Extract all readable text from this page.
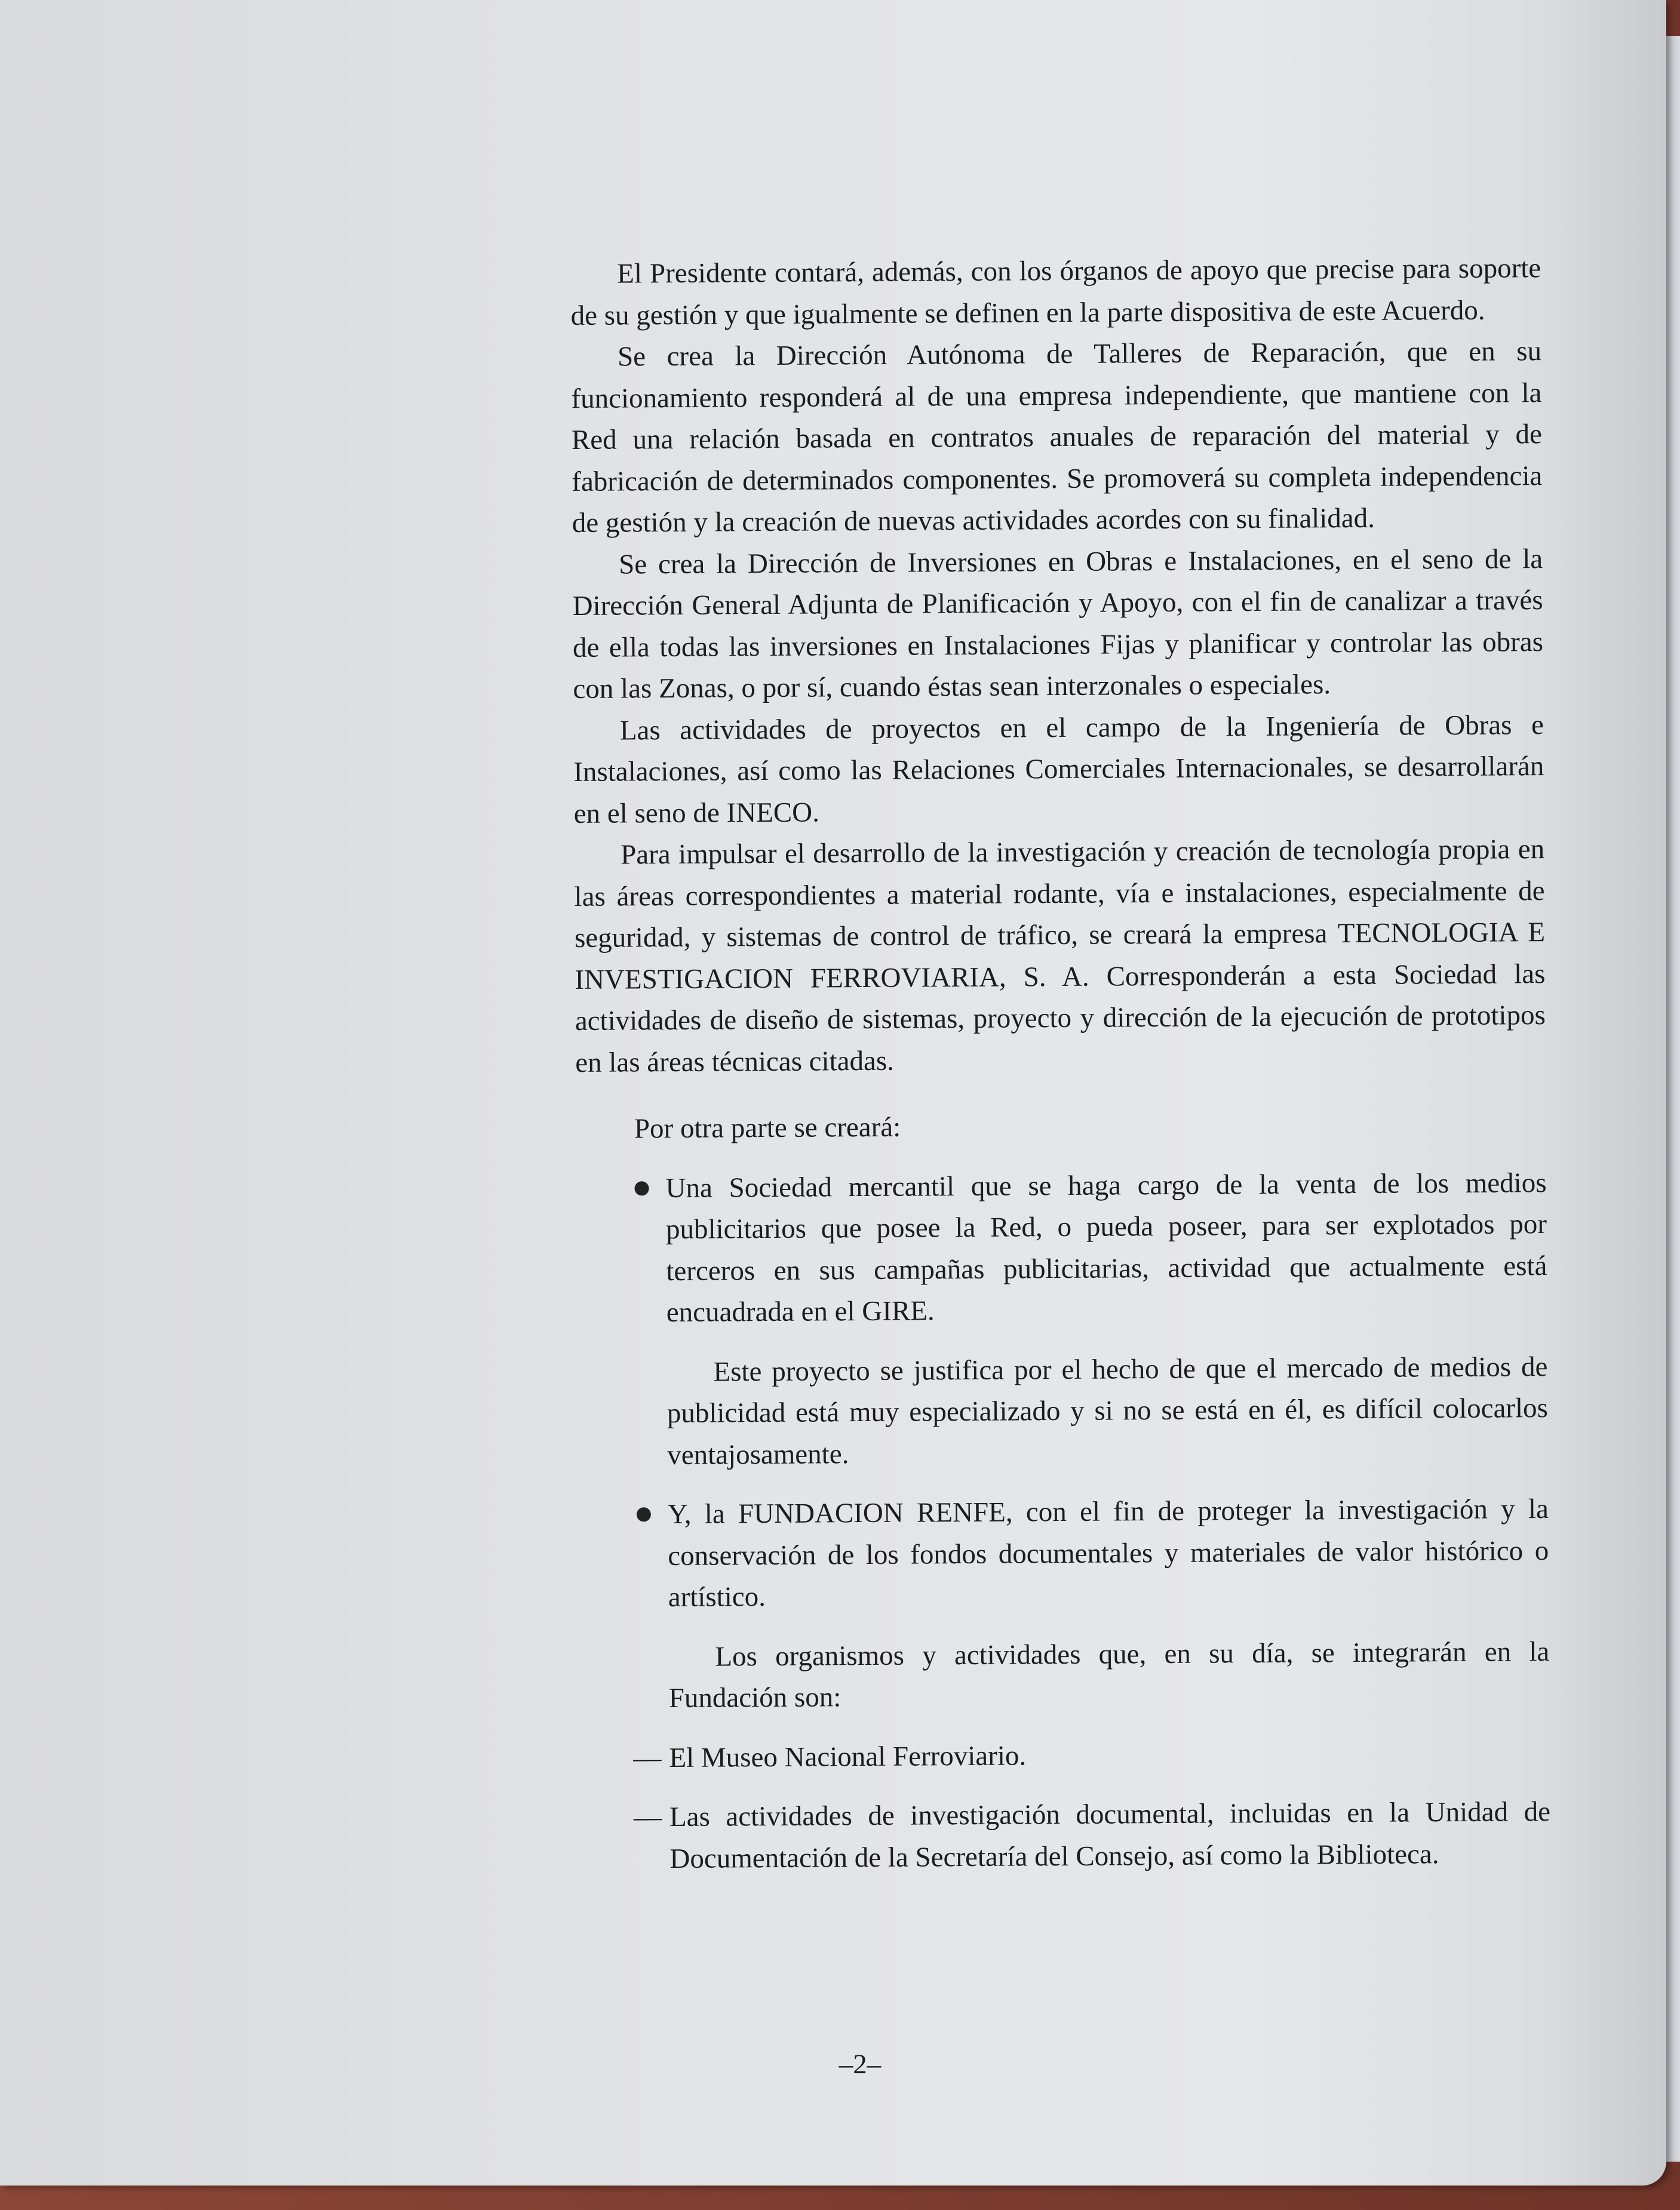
El Presidente contará, además, con los órganos de apoyo que precise para soporte de su gestión y que igualmente se definen en la parte dispositiva de este Acuerdo.

Se crea la Dirección Autónoma de Talleres de Reparación, que en su funcionamiento responderá al de una empresa independiente, que mantiene con la Red una relación basada en contratos anuales de reparación del material y de fabricación de determinados componentes. Se promoverá su completa independencia de gestión y la creación de nuevas actividades acordes con su finalidad.

Se crea la Dirección de Inversiones en Obras e Instalaciones, en el seno de la Dirección General Adjunta de Planificación y Apoyo, con el fin de canalizar a través de ella todas las inversiones en Instalaciones Fijas y planificar y controlar las obras con las Zonas, o por sí, cuando éstas sean interzonales o especiales.

Las actividades de proyectos en el campo de la Ingeniería de Obras e Instalaciones, así como las Relaciones Comerciales Internacionales, se desarrollarán en el seno de INECO.

Para impulsar el desarrollo de la investigación y creación de tecnología propia en las áreas correspondientes a material rodante, vía e instalaciones, especialmente de seguridad, y sistemas de control de tráfico, se creará la empresa TECNOLOGIA E INVESTIGACION FERROVIARIA, S. A. Corresponderán a esta Sociedad las actividades de diseño de sistemas, proyecto y dirección de la ejecución de prototipos en las áreas técnicas citadas.

Por otra parte se creará:

Una Sociedad mercantil que se haga cargo de la venta de los medios publicitarios que posee la Red, o pueda poseer, para ser explotados por terceros en sus campañas publicitarias, actividad que actualmente está encuadrada en el GIRE.

Este proyecto se justifica por el hecho de que el mercado de medios de publicidad está muy especializado y si no se está en él, es difícil colocarlos ventajosamente.

Y, la FUNDACION RENFE, con el fin de proteger la investigación y la conservación de los fondos documentales y materiales de valor histórico o artístico.

Los organismos y actividades que, en su día, se integrarán en la Fundación son:

— El Museo Nacional Ferroviario.

— Las actividades de investigación documental, incluidas en la Unidad de Documentación de la Secretaría del Consejo, así como la Biblioteca.

–2–
